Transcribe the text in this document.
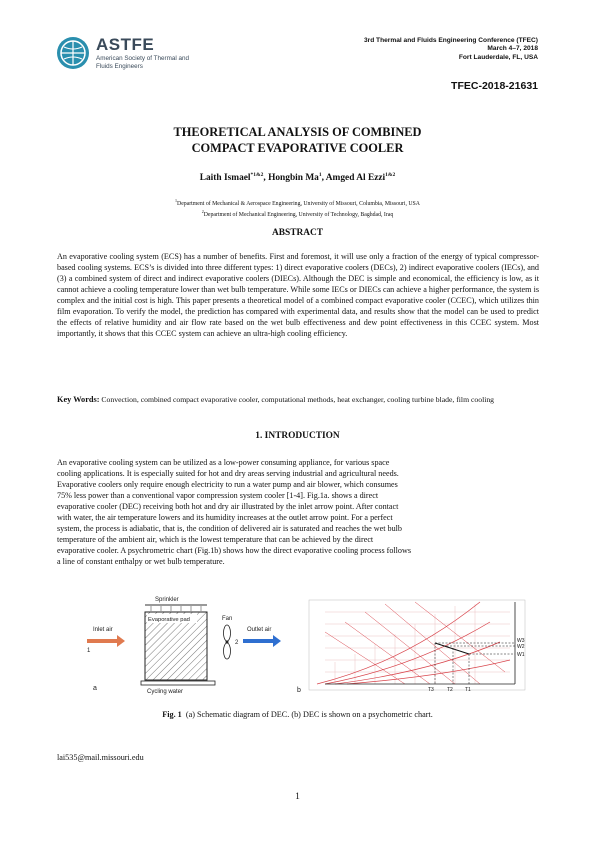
ASTFE
American Society of Thermal and Fluids Engineers
3rd Thermal and Fluids Engineering Conference (TFEC)
March 4–7, 2018
Fort Lauderdale, FL, USA
TFEC-2018-21631
THEORETICAL ANALYSIS OF COMBINED
COMPACT EVAPORATIVE COOLER
Laith Ismael$^{*1\&2}$, Hongbin Ma$^1$, Amged Al Ezzi$^{1\&2}$
$^1$Department of Mechanical & Aerospace Engineering, University of Missouri, Columbia, Missouri, USA
$^2$Department of Mechanical Engineering, University of Technology, Baghdad, Iraq
ABSTRACT
An evaporative cooling system (ECS) has a number of benefits. First and foremost, it will use only a fraction of the energy of typical compressor-based cooling systems. ECS’s is divided into three different types: 1) direct evaporative coolers (DECs), 2) indirect evaporative coolers (IECs), and (3) a combined system of direct and indirect evaporative coolers (DIECs). Although the DEC is simple and economical, the efficiency is low, as it cannot achieve a cooling temperature lower than wet bulb temperature. While some IECs or DIECs can achieve a higher performance, the system is complex and the initial cost is high. This paper presents a theoretical model of a combined compact evaporative cooler (CCEC), which utilizes thin film evaporation. To verify the model, the prediction has compared with experimental data, and results show that the model can be used to predict the effects of relative humidity and air flow rate based on the wet bulb effectiveness and dew point effectiveness in this CCEC system. Most importantly, it shows that this CCEC system can achieve an ultra-high cooling efficiency.
Key Words: Convection, combined compact evaporative cooler, computational methods, heat exchanger, cooling turbine blade, film cooling
1. INTRODUCTION
An evaporative cooling system can be utilized as a low-power consuming appliance, for various space
cooling applications. It is especially suited for hot and dry areas serving industrial and agricultural needs.
Evaporative coolers only require enough electricity to run a water pump and air blower, which consumes
75% less power than a conventional vapor compression system cooler [1-4]. Fig.1a. shows a direct
evaporative cooler (DEC) receiving both hot and dry air illustrated by the inlet arrow point. After contact
with water, the air temperature lowers and its humidity increases at the outlet arrow point. For a perfect
system, the process is adiabatic, that is, the condition of delivered air is saturated and reaches the wet bulb
temperature of the ambient air, which is the lowest temperature that can be achieved by the direct
evaporative cooler. A psychrometric chart (Fig.1b) shows how the direct evaporative cooling process follows
a line of constant enthalpy or wet bulb temperature.
Sprinkler
Evaporative pad	Fan
Inlet air
1
Outlet air
2
Cycling water
a	b
W3
W2
W1
T3	T2 T1
Fig. 1 (a) Schematic diagram of DEC. (b) DEC is shown on a psychometric chart.
lai535@mail.missouri.edu
1
